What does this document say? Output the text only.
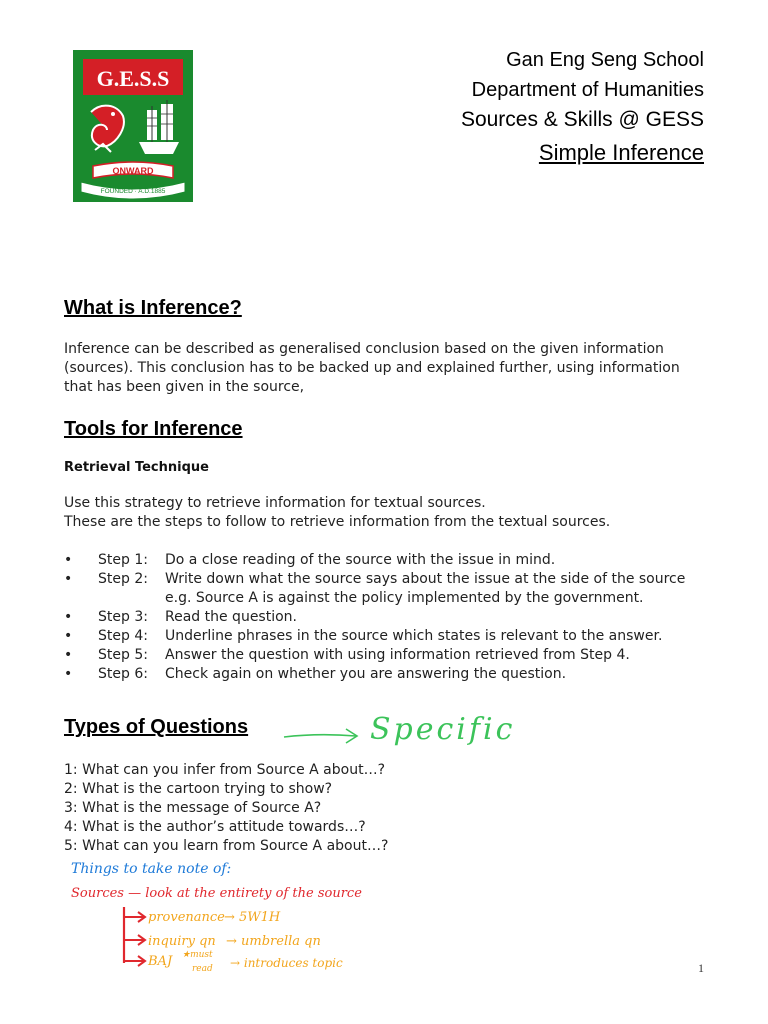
G.E.S.S
ONWARD
FOUNDED · A.D.1885
Gan Eng Seng School
Department of Humanities
Sources & Skills @ GESS
Simple Inference
What is Inference?
Inference can be described as generalised conclusion based on the given information (sources). This conclusion has to be backed up and explained further, using information that has been given in the source,
Tools for Inference
Retrieval Technique
Use this strategy to retrieve information for textual sources.
These are the steps to follow to retrieve information from the textual sources.
• Step 1: Do a close reading of the source with the issue in mind.
• Step 2: Write down what the source says about the issue at the side of the source
e.g. Source A is against the policy implemented by the government.
• Step 3: Read the question.
• Step 4: Underline phrases in the source which states is relevant to the answer.
• Step 5: Answer the question with using information retrieved from Step 4.
• Step 6: Check again on whether you are answering the question.
Types of Questions	Specific
1: What can you infer from Source A about…?
2: What is the cartoon trying to show?
3: What is the message of Source A?
4: What is the author’s attitude towards…?
5: What can you learn from Source A about…?
Things to take note of:
Sources — look at the entirety of the source
provenance → 5W1H
inquiry qn → umbrella qn
BAJ ★must
read → introduces topic	1
